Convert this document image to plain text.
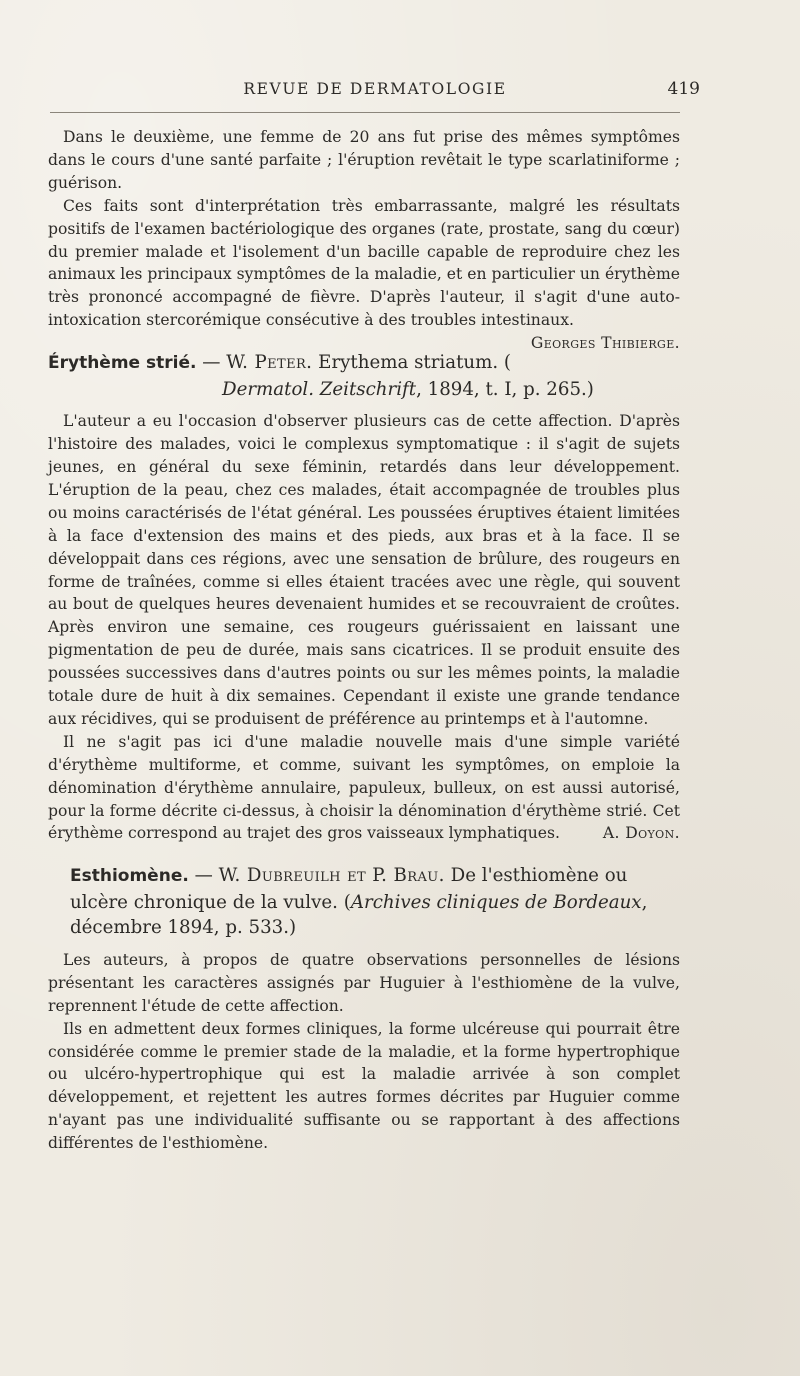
REVUE DE DERMATOLOGIE	419

Dans le deuxième, une femme de 20 ans fut prise des mêmes symptômes dans le cours d'une santé parfaite ; l'éruption revêtait le type scarlatiniforme ; guérison.

Ces faits sont d'interprétation très embarrassante, malgré les résultats positifs de l'examen bactériologique des organes (rate, prostate, sang du cœur) du premier malade et l'isolement d'un bacille capable de reproduire chez les animaux les principaux symptômes de la maladie, et en particulier un érythème très prononcé accompagné de fièvre. D'après l'auteur, il s'agit d'une auto-intoxication stercorémique consécutive à des troubles intestinaux.
Georges Thibierge.

Érythème strié. — W. Peter. Erythema striatum. (
Dermatol. Zeitschrift, 1894, t. I, p. 265.)

L'auteur a eu l'occasion d'observer plusieurs cas de cette affection. D'après l'histoire des malades, voici le complexus symptomatique : il s'agit de sujets jeunes, en général du sexe féminin, retardés dans leur développement. L'éruption de la peau, chez ces malades, était accompagnée de troubles plus ou moins caractérisés de l'état général. Les poussées éruptives étaient limitées à la face d'extension des mains et des pieds, aux bras et à la face. Il se développait dans ces régions, avec une sensation de brûlure, des rougeurs en forme de traînées, comme si elles étaient tracées avec une règle, qui souvent au bout de quelques heures devenaient humides et se recouvraient de croûtes. Après environ une semaine, ces rougeurs guérissaient en laissant une pigmentation de peu de durée, mais sans cicatrices. Il se produit ensuite des poussées successives dans d'autres points ou sur les mêmes points, la maladie totale dure de huit à dix semaines. Cependant il existe une grande tendance aux récidives, qui se produisent de préférence au printemps et à l'automne.

Il ne s'agit pas ici d'une maladie nouvelle mais d'une simple variété d'érythème multiforme, et comme, suivant les symptômes, on emploie la dénomination d'érythème annulaire, papuleux, bulleux, on est aussi autorisé, pour la forme décrite ci-dessus, à choisir la dénomination d'érythème strié. Cet érythème correspond au trajet des gros vaisseaux lymphatiques.	A. Doyon.

Esthiomène. — W. Dubreuilh et P. Brau. De l'esthiomène ou ulcère chronique de la vulve. (Archives cliniques de Bordeaux, décembre 1894, p. 533.)

Les auteurs, à propos de quatre observations personnelles de lésions présentant les caractères assignés par Huguier à l'esthiomène de la vulve, reprennent l'étude de cette affection.

Ils en admettent deux formes cliniques, la forme ulcéreuse qui pourrait être considérée comme le premier stade de la maladie, et la forme hypertrophique ou ulcéro-hypertrophique qui est la maladie arrivée à son complet développement, et rejettent les autres formes décrites par Huguier comme n'ayant pas une individualité suffisante ou se rapportant à des affections différentes de l'esthiomène.
